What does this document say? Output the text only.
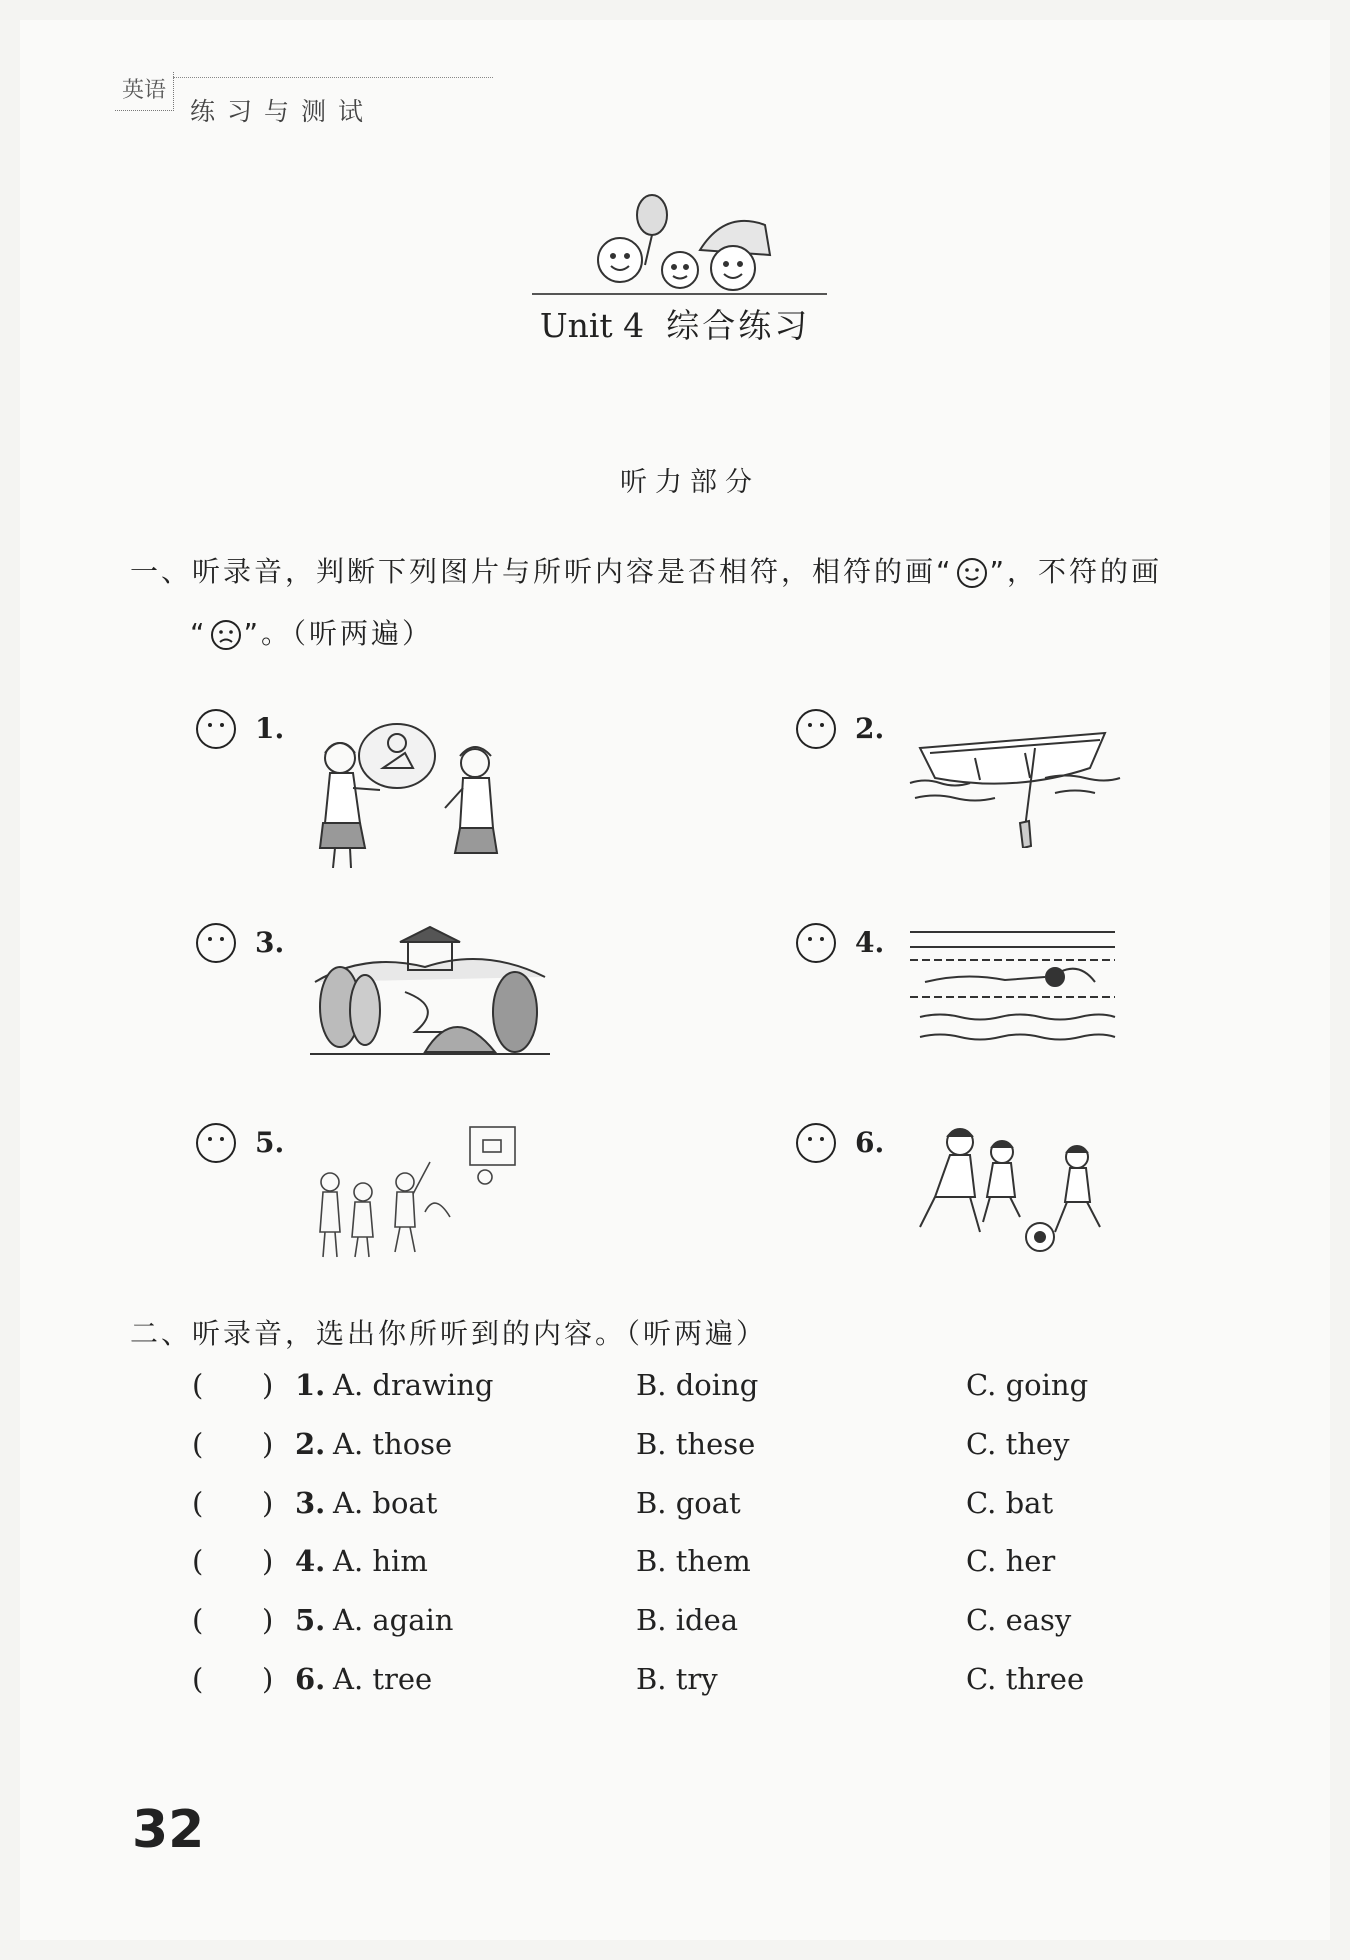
英语
练习与测试
Unit 4 综合练习
听力部分
一、听录音，判断下列图片与所听内容是否相符，相符的画“ ”，不符的画
“ ”。（听两遍）
1.	2.
3.	4.
5.	6.
二、听录音，选出你所听到的内容。（听两遍）
( ) 1. A. drawing	B. doing	C. going
( ) 2. A. those	B. these	C. they
( ) 3. A. boat	B. goat	C. bat
( ) 4. A. him	B. them	C. her
( ) 5. A. again	B. idea	C. easy
( ) 6. A. tree	B. try	C. three
32
